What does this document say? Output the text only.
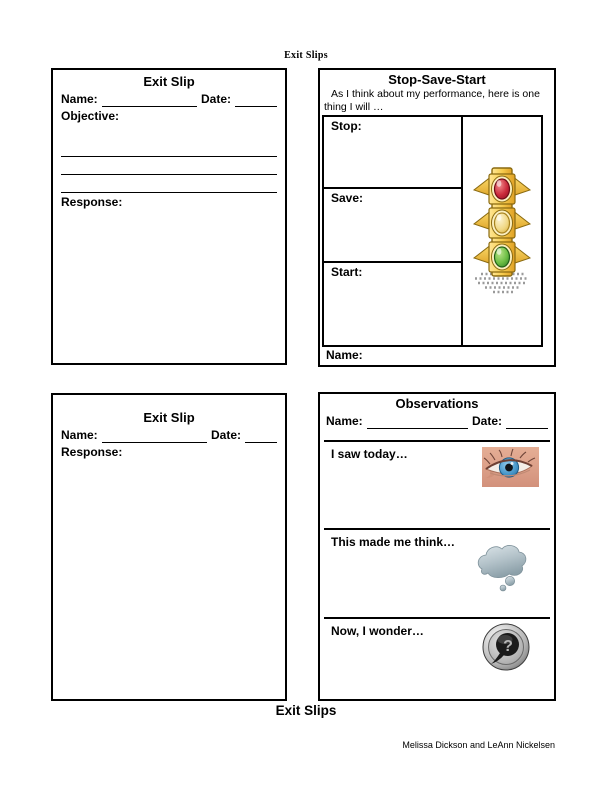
Exit Slips
Exit Slip
Name:	Date:
Objective:
Response:
Stop-Save-Start
As I think about my performance, here is one
thing I will …
Stop:
Save:
Start:
Name:
Exit Slip
Name:	Date:
Response:
Observations
Name:	Date:
I saw today…
This made me think…
Now, I wonder…
?
Exit Slips
Melissa Dickson and LeAnn Nickelsen
